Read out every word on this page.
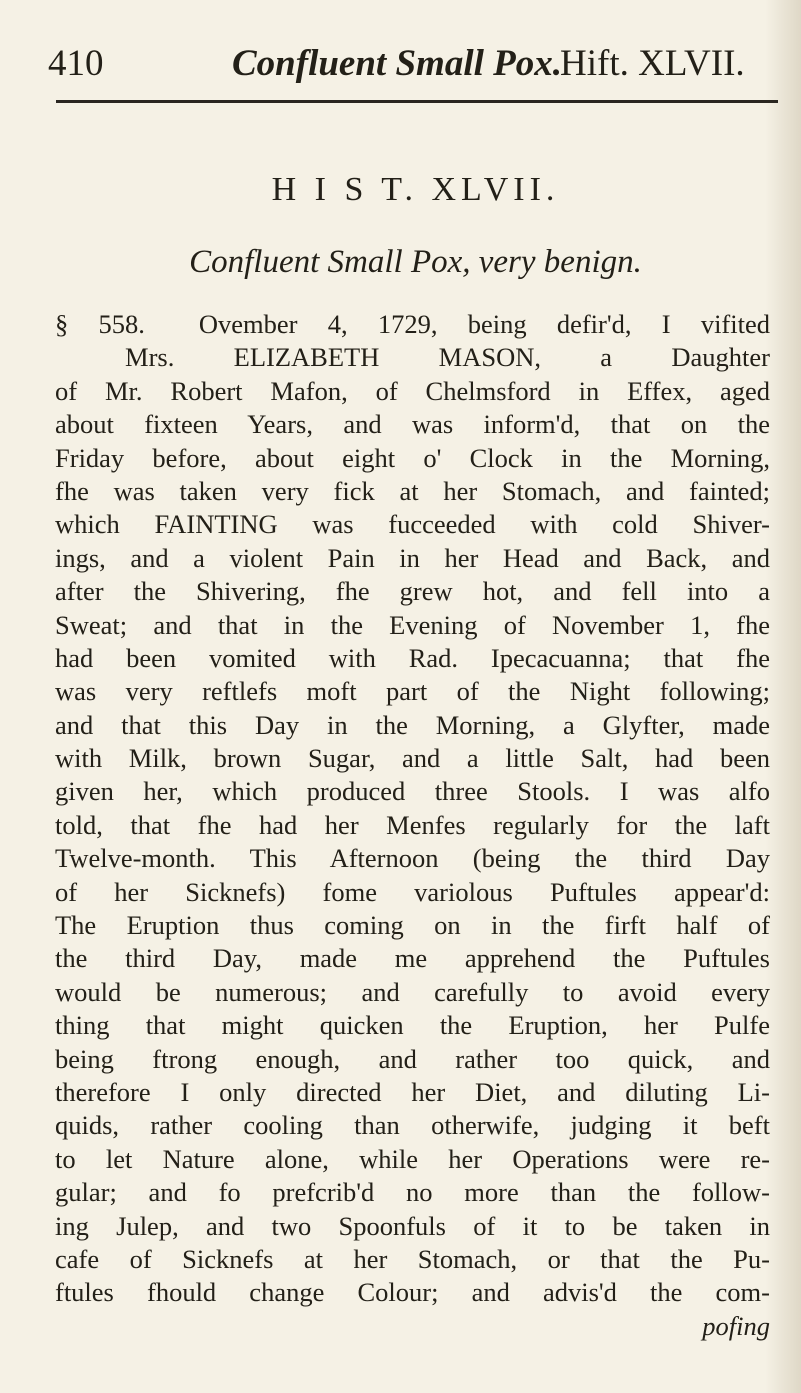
410	Confluent Small Pox.
Hift. XLVII.
H I S T. XLVII.
Confluent Small Pox, very benign.
§ 558. Ovember 4, 1729, being defir'd, I vifited
Mrs. ELIZABETH MASON, a Daughter
of Mr. Robert Mafon, of Chelmsford in Effex, aged
about fixteen Years, and was inform'd, that on the
Friday before, about eight o' Clock in the Morning,
fhe was taken very fick at her Stomach, and fainted;
which FAINTING was fucceeded with cold Shiver-
ings, and a violent Pain in her Head and Back, and
after the Shivering, fhe grew hot, and fell into a
Sweat; and that in the Evening of November 1, fhe
had been vomited with Rad. Ipecacuanna; that fhe
was very reftlefs moft part of the Night following;
and that this Day in the Morning, a Glyfter, made
with Milk, brown Sugar, and a little Salt, had been
given her, which produced three Stools. I was alfo
told, that fhe had her Menfes regularly for the laft
Twelve-month. This Afternoon (being the third Day
of her Sicknefs) fome variolous Puftules appear'd:
The Eruption thus coming on in the firft half of
the third Day, made me apprehend the Puftules
would be numerous; and carefully to avoid every
thing that might quicken the Eruption, her Pulfe
being ftrong enough, and rather too quick, and
therefore I only directed her Diet, and diluting Li-
quids, rather cooling than otherwife, judging it beft
to let Nature alone, while her Operations were re-
gular; and fo prefcrib'd no more than the follow-
ing Julep, and two Spoonfuls of it to be taken in
cafe of Sicknefs at her Stomach, or that the Pu-
ftules fhould change Colour; and advis'd the com-
pofing
